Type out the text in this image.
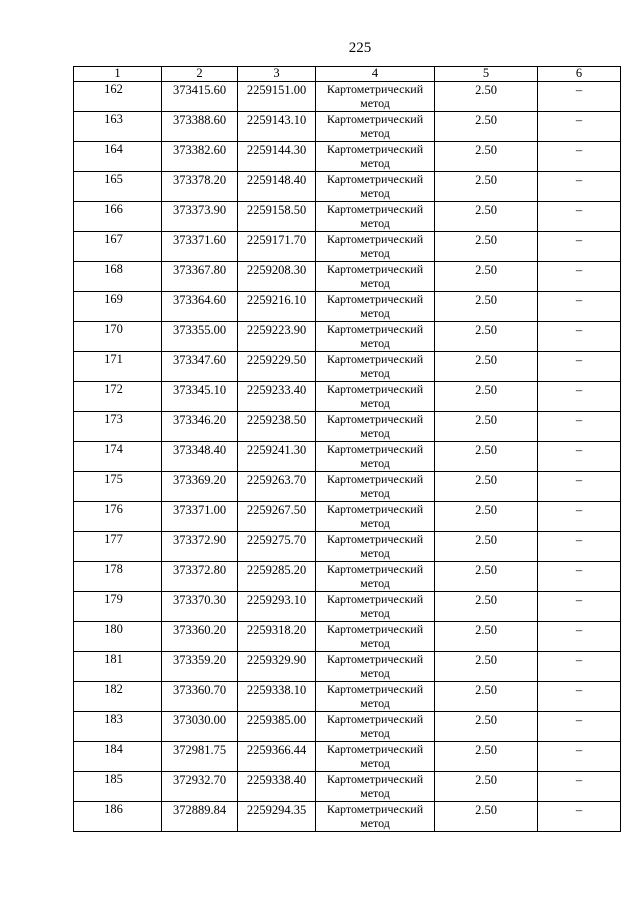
225
1	2	3	4	5	6
162	373415.60	2259151.00	Картометрический метод	2.50	–
163	373388.60	2259143.10	Картометрический метод	2.50	–
164	373382.60	2259144.30	Картометрический метод	2.50	–
165	373378.20	2259148.40	Картометрический метод	2.50	–
166	373373.90	2259158.50	Картометрический метод	2.50	–
167	373371.60	2259171.70	Картометрический метод	2.50	–
168	373367.80	2259208.30	Картометрический метод	2.50	–
169	373364.60	2259216.10	Картометрический метод	2.50	–
170	373355.00	2259223.90	Картометрический метод	2.50	–
171	373347.60	2259229.50	Картометрический метод	2.50	–
172	373345.10	2259233.40	Картометрический метод	2.50	–
173	373346.20	2259238.50	Картометрический метод	2.50	–
174	373348.40	2259241.30	Картометрический метод	2.50	–
175	373369.20	2259263.70	Картометрический метод	2.50	–
176	373371.00	2259267.50	Картометрический метод	2.50	–
177	373372.90	2259275.70	Картометрический метод	2.50	–
178	373372.80	2259285.20	Картометрический метод	2.50	–
179	373370.30	2259293.10	Картометрический метод	2.50	–
180	373360.20	2259318.20	Картометрический метод	2.50	–
181	373359.20	2259329.90	Картометрический метод	2.50	–
182	373360.70	2259338.10	Картометрический метод	2.50	–
183	373030.00	2259385.00	Картометрический метод	2.50	–
184	372981.75	2259366.44	Картометрический метод	2.50	–
185	372932.70	2259338.40	Картометрический метод	2.50	–
186	372889.84	2259294.35	Картометрический метод	2.50	–
